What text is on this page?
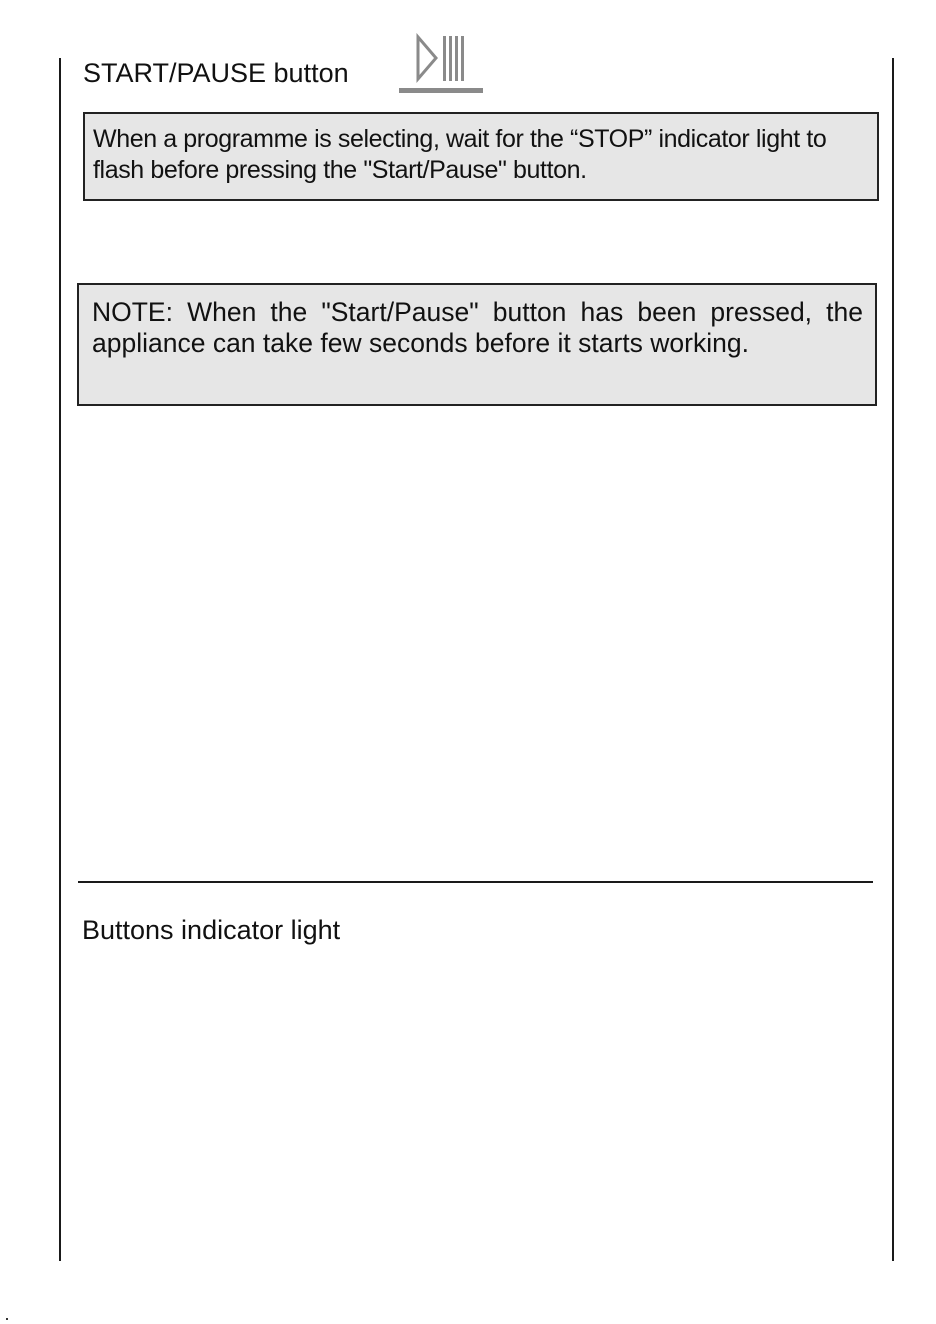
START/PAUSE button

When a programme is selecting, wait for the “STOP” indicator light to flash before pressing the "Start/Pause" button.

NOTE: When the "Start/Pause" button has been pressed, the appliance can take few seconds before it starts working.

Buttons indicator light
